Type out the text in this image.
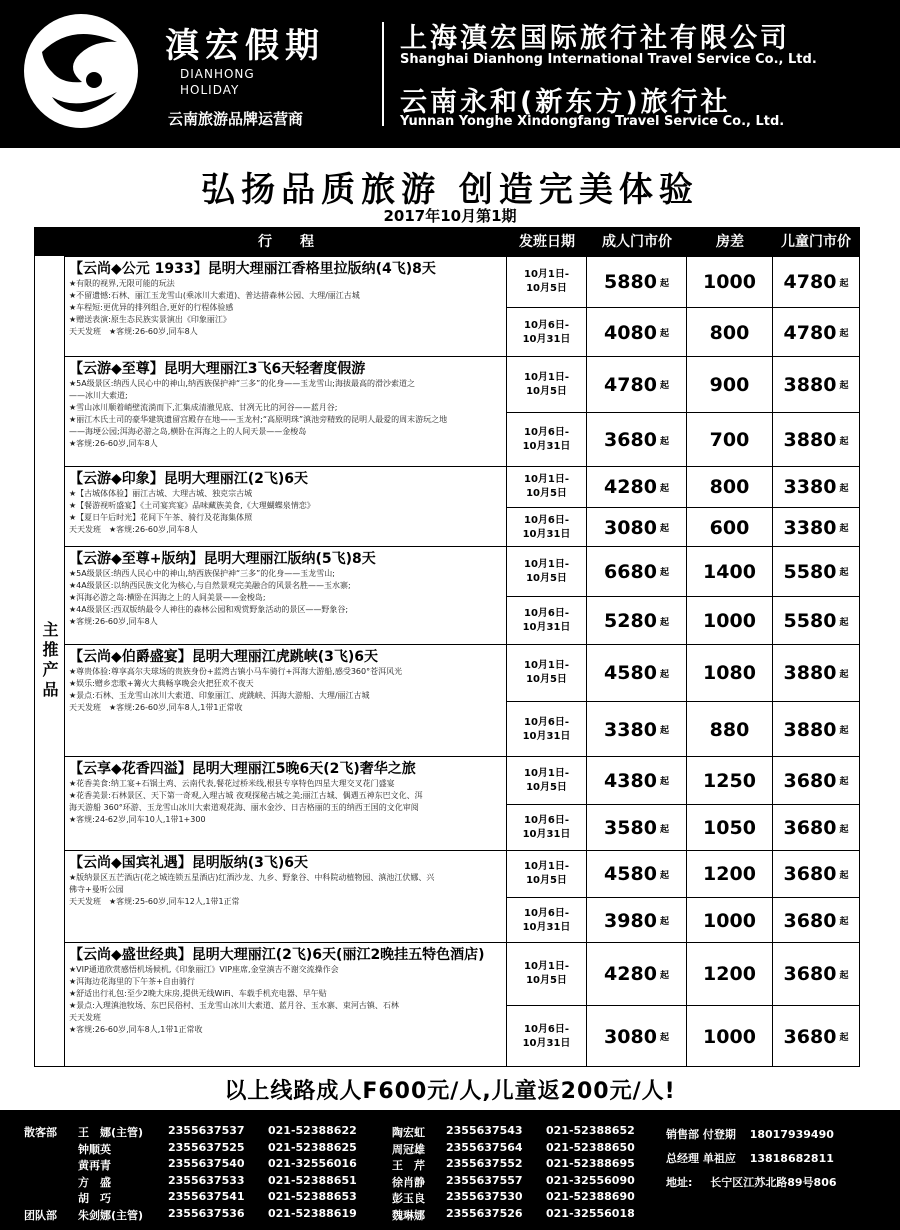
滇宏假期
DIANHONG
HOLIDAY
云南旅游品牌运营商
上海滇宏国际旅行社有限公司
Shanghai Dianhong International Travel Service Co., Ltd.
云南永和(新东方)旅行社
Yunnan Yonghe Xindongfang Travel Service Co., Ltd.
弘扬品质旅游 创造完美体验
2017年10月第1期
行　　程	发班日期	成人门市价	房差	儿童门市价
主推产品
【云尚◆公元 1933】昆明大理丽江香格里拉版纳(4飞)8天
★有限的视界,无限可能的玩法
★不留遗憾:石林、丽江玉龙雪山(乘冰川大索道)、普达措森林公园、大理/丽江古城
★车程短:更优异的排列组合,更好的行程体验感
★赠送表演:原生态民族实景演出《印象丽江》
天天发班　★客规:26-60岁,同车8人
10月1日-
10月5日 5880 起	1000	4780 起
10月6日-
10月31日 4080 起	800	4780 起
【云游◆至尊】昆明大理丽江3飞6天轻奢度假游
★5A级景区:纳西人民心中的神山,纳西族保护神“三多”的化身——玉龙雪山;海拔最高的滑沙索道之
——冰川大索道;
★雪山冰川顺着峭壁流淌而下,汇集成清澈见底、甘冽无比的河谷——蓝月谷;
★丽江木氏土司的豪华建筑遗留宫殿存在地——玉龙村;“高原明珠”滇池旁精致的昆明人最爱的周末游玩之地
——海埂公园;洱海必游之岛,横卧在洱海之上的人间天景——金梭岛
★客规:26-60岁,同车8人
10月1日-
10月5日 4780 起	900	3880 起
10月6日-
10月31日 3680 起	700	3880 起
【云游◆印象】昆明大理丽江(2飞)6天
★【古城体体验】丽江古城、大理古城、独克宗古城
★【餐游视听盛宴】《土司宴宾宴》品味藏族美食,《大理蝴蝶泉情恋》
★【夏日午后时光】花间下午茶、骑行及花海集体照
天天发班　★客规:26-60岁,同车8人
10月1日-
10月5日 4280 起	800	3380 起
10月6日-
10月31日 3080 起	600	3380 起
【云游◆至尊+版纳】昆明大理丽江版纳(5飞)8天
★5A级景区:纳西人民心中的神山,纳西族保护神“三多”的化身——玉龙雪山;
★4A级景区:以纳西民族文化为核心,与自然景观完美融合的风景名胜——玉水寨;
★洱海必游之岛:横卧在洱海之上的人间美景——金梭岛;
★4A级景区:西双版纳最令人神往的森林公园和观赏野象活动的景区——野象谷;
★客规:26-60岁,同车8人
10月1日-
10月5日 6680 起	1400	5580 起
10月6日-
10月31日 5280 起	1000	5580 起
【云尚◆伯爵盛宴】昆明大理丽江虎跳峡(3飞)6天
★尊贵体验:尊享高尔夫球场的贵族身份+蓝湾古镇小马车骑行+洱海大游船,感受360°苍洱风光
★娱乐:赠乡恋歌+篝火大典畅享晚会火把狂欢不夜天
★景点:石林、玉龙雪山冰川大索道、印象丽江、虎跳峡、洱海大游船、大理/丽江古城
天天发班　★客规:26-60岁,同车8人,1带1正常收
10月1日-
10月5日 4580 起	1080	3880 起
10月6日-
10月31日 3380 起	880	3880 起
【云享◆花香四溢】昆明大理丽江5晚6天(2飞)奢华之旅
★花香美食:纳工宴+石锅土鸡、云南代表,餐花过桥米线,根县专享特色四星大理交叉花门盛宴
★花香美景:石林景区、天下第一奇观,入理古城 夜观探秘古城之美;丽江古城、偶遇五神东巴文化、洱
海天游船 360°环游、玉龙雪山冰川大索道观花海、丽水金沙、日吉格丽的玉的纳西王国的文化审阅
★客规:24-62岁,同车10人,1带1+300
10月1日-
10月5日 4380 起	1250	3680 起
10月6日-
10月31日 3580 起	1050	3680 起
【云尚◆国宾礼遇】昆明版纳(3飞)6天
★版纳景区五芒酒店(花之城连锁五星酒店)红酒沙龙、九乡、野象谷、中科院动植物园、滇池江伏娜、兴
佛寺+曼听公园
天天发班　★客规:25-60岁,同车12人,1带1正常
10月1日-
10月5日 4580 起	1200	3680 起
10月6日-
10月31日 3980 起	1000	3680 起
【云尚◆盛世经典】昆明大理丽江(2飞)6天(丽江2晚挂五特色酒店)
★VIP通道欣赏感悟机场候机,《印象丽江》VIP座席,金堂滇吉不谢交流操作会
★洱海边花海里的下午茶+自由骑行
★舒适出行礼包:至少2晚大床房,提供无线WiFi、车载手机充电器、早午贴
★景点:入理滇池牧场、东巴民俗村、玉龙雪山冰川大索道、蓝月谷、玉水寨、束河古镇、石林
天天发班
★客规:26-60岁,同车8人,1带1正常收
10月1日-
10月5日 4280 起	1200	3680 起
10月6日-
10月31日 3080 起	1000	3680 起
以上线路成人F600元/人,儿童返200元/人!
散客部	王　娜(主管)	2355637537	021-52388622	陶宏虹	2355637543	021-52388652
钟顺英	2355637525	021-52388625	周冠雄	2355637564	021-52388650
黄再青	2355637540	021-32556016	王　芹	2355637552	021-52388695
方　盛	2355637533	021-52388651	徐肖静	2355637557	021-32556090
胡　巧	2355637541	021-52388653	彭玉良	2355637530	021-52388690
团队部	朱剑娜(主管)	2355637536	021-52388619	魏琳娜	2355637526	021-32556018
销售部 付登期 18017939490
总经理 单祖应 13818682811
地址: 长宁区江苏北路89号806
